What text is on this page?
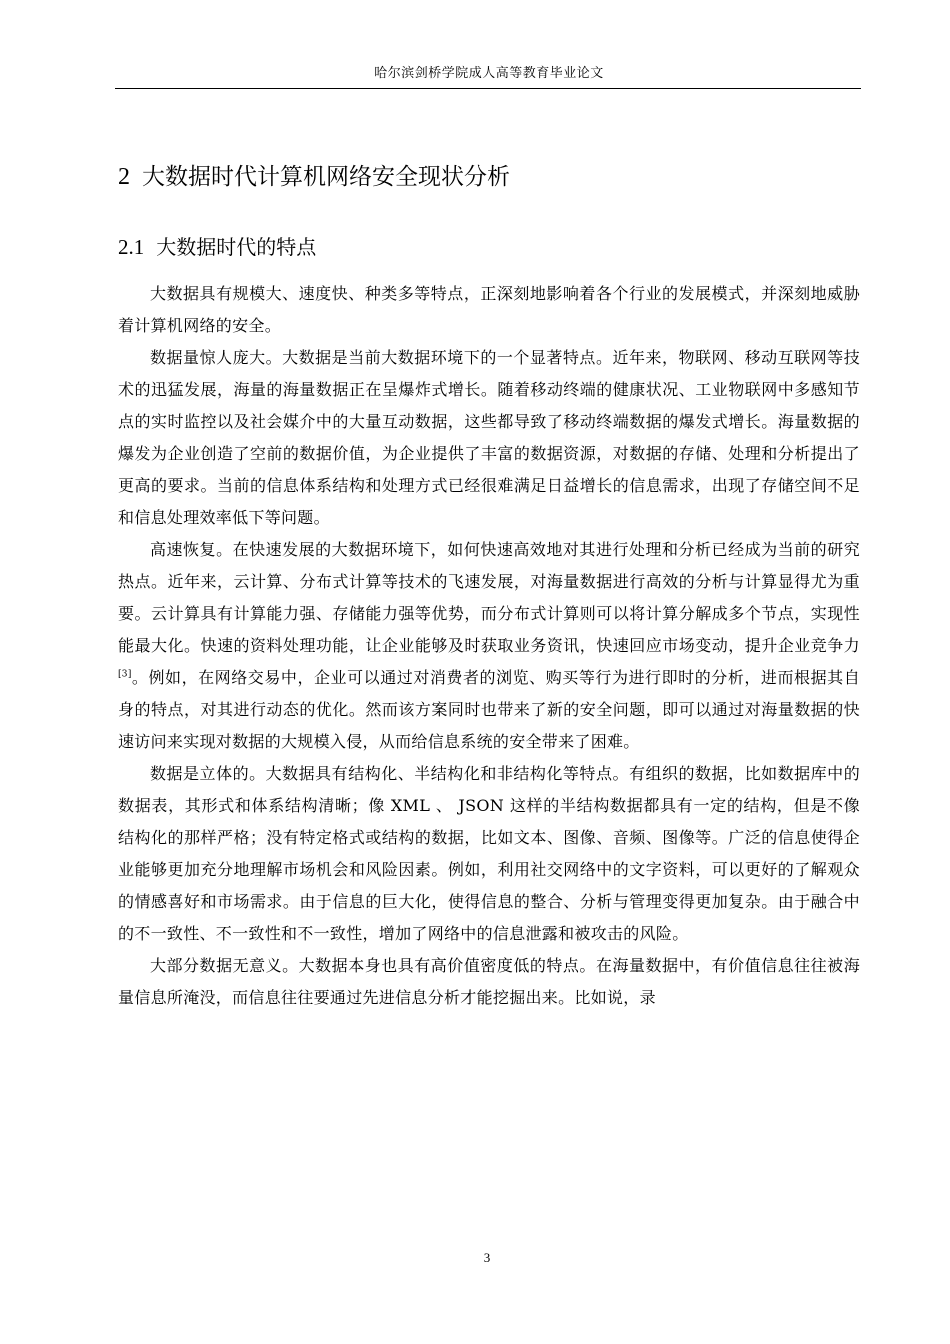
哈尔滨剑桥学院成人高等教育毕业论文
2 大数据时代计算机网络安全现状分析
2.1 大数据时代的特点

大数据具有规模大、速度快、种类多等特点，正深刻地影响着各个行业的发展模式，并深刻地威胁着计算机网络的安全。

数据量惊人庞大。大数据是当前大数据环境下的一个显著特点。近年来，物联网、移动互联网等技术的迅猛发展，海量的海量数据正在呈爆炸式增长。随着移动终端的健康状况、工业物联网中多感知节点的实时监控以及社会媒介中的大量互动数据，这些都导致了移动终端数据的爆发式增长。海量数据的爆发为企业创造了空前的数据价值，为企业提供了丰富的数据资源，对数据的存储、处理和分析提出了更高的要求。当前的信息体系结构和处理方式已经很难满足日益增长的信息需求，出现了存储空间不足和信息处理效率低下等问题。

高速恢复。在快速发展的大数据环境下，如何快速高效地对其进行处理和分析已经成为当前的研究热点。近年来，云计算、分布式计算等技术的飞速发展，对海量数据进行高效的分析与计算显得尤为重要。云计算具有计算能力强、存储能力强等优势，而分布式计算则可以将计算分解成多个节点，实现性能最大化。快速的资料处理功能，让企业能够及时获取业务资讯，快速回应市场变动，提升企业竞争力[3]。例如，在网络交易中，企业可以通过对消费者的浏览、购买等行为进行即时的分析，进而根据其自身的特点，对其进行动态的优化。然而该方案同时也带来了新的安全问题，即可以通过对海量数据的快速访问来实现对数据的大规模入侵，从而给信息系统的安全带来了困难。

数据是立体的。大数据具有结构化、半结构化和非结构化等特点。有组织的数据，比如数据库中的数据表，其形式和体系结构清晰；像 XML 、 JSON 这样的半结构数据都具有一定的结构，但是不像结构化的那样严格；没有特定格式或结构的数据，比如文本、图像、音频、图像等。广泛的信息使得企业能够更加充分地理解市场机会和风险因素。例如，利用社交网络中的文字资料，可以更好的了解观众的情感喜好和市场需求。由于信息的巨大化，使得信息的整合、分析与管理变得更加复杂。由于融合中的不一致性、不一致性和不一致性，增加了网络中的信息泄露和被攻击的风险。

大部分数据无意义。大数据本身也具有高价值密度低的特点。在海量数据中，有价值信息往往被海量信息所淹没，而信息往往要通过先进信息分析才能挖掘出来。比如说，录

3
